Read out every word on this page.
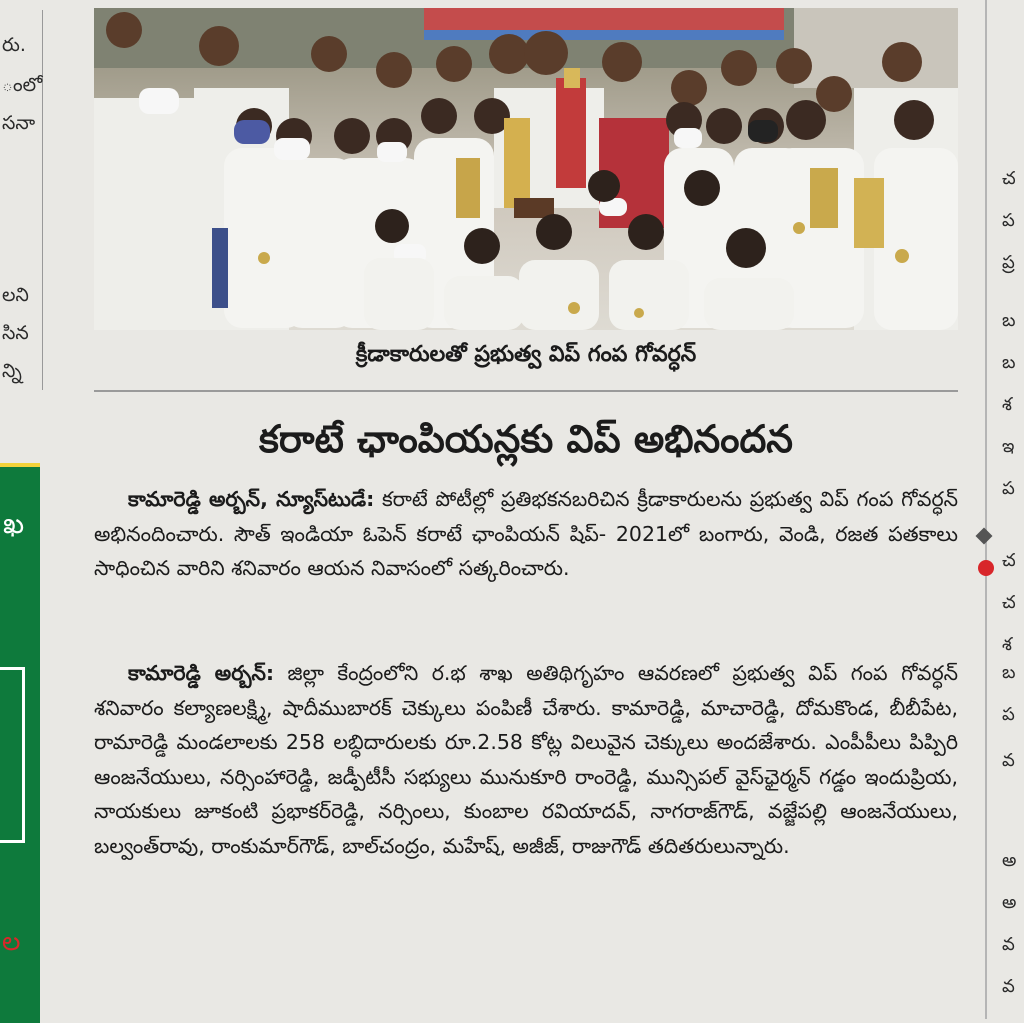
రు.
ంలో
సనా
లని
సిన
న్ని
ఖ
ల
క్రీడాకారులతో ప్రభుత్వ విప్ గంప గోవర్ధన్
కరాటే ఛాంపియన్లకు విప్ అభినందన

కామారెడ్డి అర్బన్, న్యూస్‌టుడే: కరాటే పోటీల్లో ప్రతిభకనబరిచిన క్రీడాకారులను ప్రభుత్వ విప్ గంప గోవర్ధన్ అభినందించారు. సౌత్ ఇండియా ఓపెన్ కరాటే ఛాంపియన్ షిప్- 2021లో బంగారు, వెండి, రజత పతకాలు సాధించిన వారిని శనివారం ఆయన నివాసంలో సత్కరించారు.

కామారెడ్డి అర్బన్: జిల్లా కేంద్రంలోని ర.భ శాఖ అతిథిగృహం ఆవరణలో ప్రభుత్వ విప్ గంప గోవర్ధన్ శనివారం కల్యాణలక్ష్మి, షాదీముబారక్ చెక్కులు పంపిణీ చేశారు. కామారెడ్డి, మాచారెడ్డి, దోమకొండ, బీబీపేట, రామారెడ్డి మండలాలకు 258 లబ్ధిదారులకు రూ.2.58 కోట్ల విలువైన చెక్కులు అందజేశారు. ఎంపీపీలు పిప్పిరి ఆంజనేయులు, నర్సింహారెడ్డి, జడ్పీటీసీ సభ్యులు మునుకూరి రాంరెడ్డి, మున్సిపల్ వైస్‌ఛైర్మన్ గడ్డం ఇందుప్రియ, నాయకులు జూకంటి ప్రభాకర్‌రెడ్డి, నర్సింలు, కుంబాల రవియాదవ్, నాగరాజ్‌గౌడ్, వజ్జేపల్లి ఆంజనేయులు, బల్వంత్‌రావు, రాంకుమార్‌గౌడ్, బాల్‌చంద్రం, మహేష్, అజీజ్, రాజుగౌడ్ తదితరులున్నారు.

చ
ప
ప్ర
బ
బ
శ
ఇ
ప
చ
చ
శ
బ
ప
వ
అ
అ
వ
వ
